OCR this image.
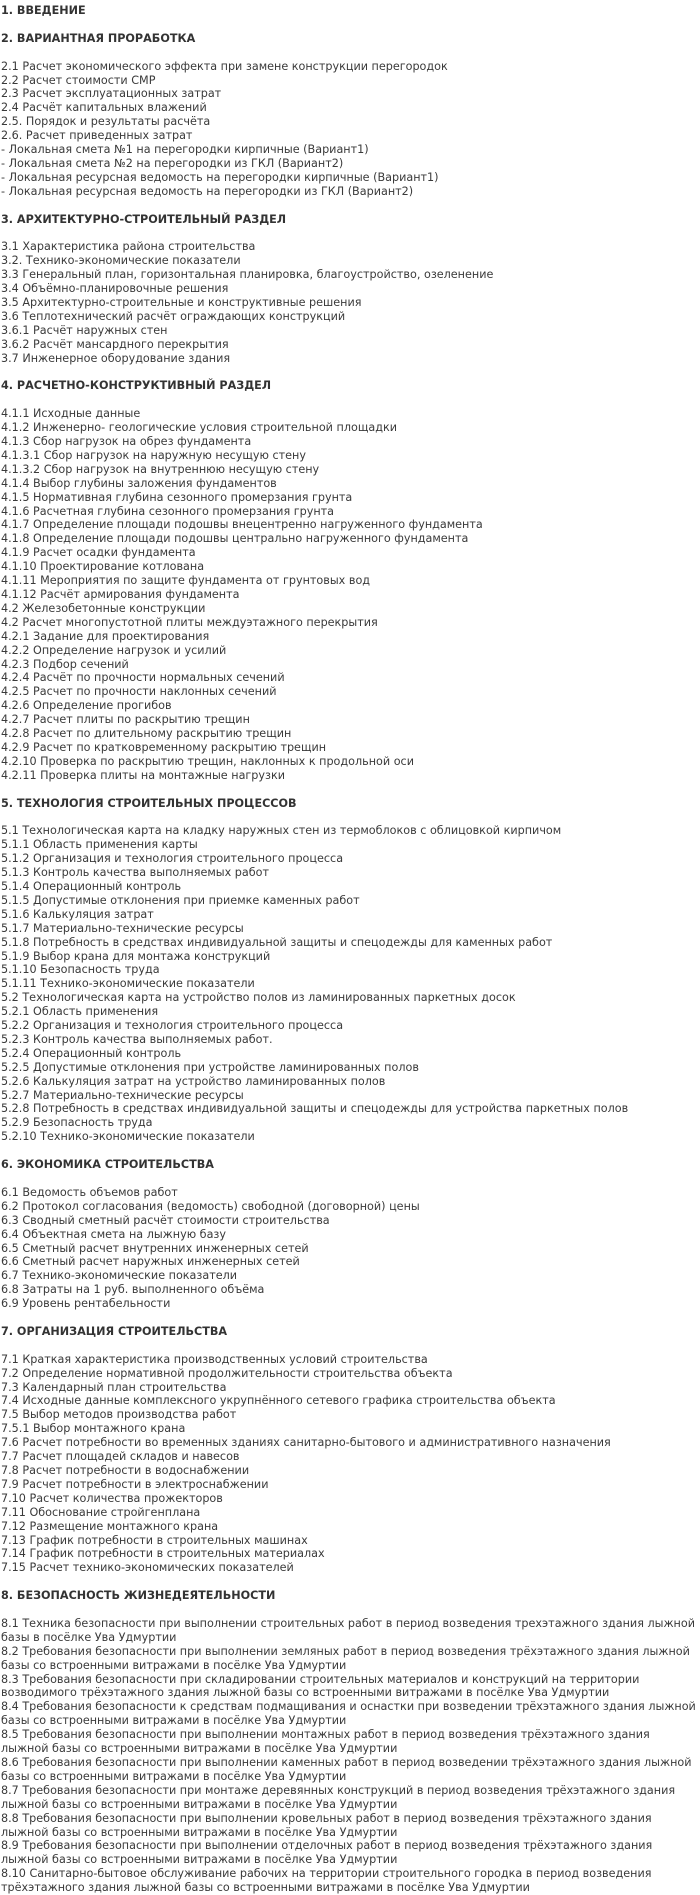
1. ВВЕДЕНИЕ
2. ВАРИАНТНАЯ ПРОРАБОТКА
2.1 Расчет экономического эффекта при замене конструкции перегородок
2.2 Расчет стоимости СМР
2.3 Расчет эксплуатационных затрат
2.4 Расчёт капитальных влажений
2.5. Порядок и результаты расчёта
2.6. Расчет приведенных затрат
- Локальная смета №1 на перегородки кирпичные (Вариант1)
- Локальная смета №2 на перегородки из ГКЛ (Вариант2)
- Локальная ресурсная ведомость на перегородки кирпичные (Вариант1)
- Локальная ресурсная ведомость на перегородки из ГКЛ (Вариант2)
3. АРХИТЕКТУРНО-СТРОИТЕЛЬНЫЙ РАЗДЕЛ
3.1 Характеристика района строительства
3.2. Технико-экономические показатели
3.3 Генеральный план, горизонтальная планировка, благоустройство, озеленение
3.4 Объёмно-планировочные решения
3.5 Архитектурно-строительные и конструктивные решения
3.6 Теплотехнический расчёт ограждающих конструкций
3.6.1 Расчёт наружных стен
3.6.2 Расчёт мансардного перекрытия
3.7 Инженерное оборудование здания
4. РАСЧЕТНО-КОНСТРУКТИВНЫЙ РАЗДЕЛ
4.1.1 Исходные данные
4.1.2 Инженерно- геологические условия строительной площадки
4.1.3 Сбор нагрузок на обрез фундамента
4.1.3.1 Сбор нагрузок на наружную несущую стену
4.1.3.2 Сбор нагрузок на внутреннюю несущую стену
4.1.4 Выбор глубины заложения фундаментов
4.1.5 Нормативная глубина сезонного промерзания грунта
4.1.6 Расчетная глубина сезонного промерзания грунта
4.1.7 Определение площади подошвы внецентренно нагруженного фундамента
4.1.8 Определение площади подошвы центрально нагруженного фундамента
4.1.9 Расчет осадки фундамента
4.1.10 Проектирование котлована
4.1.11 Мероприятия по защите фундамента от грунтовых вод
4.1.12 Расчёт армирования фундамента
4.2 Железобетонные конструкции
4.2 Расчет многопустотной плиты междуэтажного перекрытия
4.2.1 Задание для проектирования
4.2.2 Определение нагрузок и усилий
4.2.3 Подбор сечений
4.2.4 Расчёт по прочности нормальных сечений
4.2.5 Расчет по прочности наклонных сечений
4.2.6 Определение прогибов
4.2.7 Расчет плиты по раскрытию трещин
4.2.8 Расчет по длительному раскрытию трещин
4.2.9 Расчет по кратковременному раскрытию трещин
4.2.10 Проверка по раскрытию трещин, наклонных к продольной оси
4.2.11 Проверка плиты на монтажные нагрузки
5. ТЕХНОЛОГИЯ СТРОИТЕЛЬНЫХ ПРОЦЕССОВ
5.1 Технологическая карта на кладку наружных стен из термоблоков с облицовкой кирпичом
5.1.1 Область применения карты
5.1.2 Организация и технология строительного процесса
5.1.3 Контроль качества выполняемых работ
5.1.4 Операционный контроль
5.1.5 Допустимые отклонения при приемке каменных работ
5.1.6 Калькуляция затрат
5.1.7 Материально-технические ресурсы
5.1.8 Потребность в средствах индивидуальной защиты и спецодежды для каменных работ
5.1.9 Выбор крана для монтажа конструкций
5.1.10 Безопасность труда
5.1.11 Технико-экономические показатели
5.2 Технологическая карта на устройство полов из ламинированных паркетных досок
5.2.1 Область применения
5.2.2 Организация и технология строительного процесса
5.2.3 Контроль качества выполняемых работ.
5.2.4 Операционный контроль
5.2.5 Допустимые отклонения при устройстве ламинированных полов
5.2.6 Калькуляция затрат на устройство ламинированных полов
5.2.7 Материально-технические ресурсы
5.2.8 Потребность в средствах индивидуальной защиты и спецодежды для устройства паркетных полов
5.2.9 Безопасность труда
5.2.10 Технико-экономические показатели
6. ЭКОНОМИКА СТРОИТЕЛЬСТВА
6.1 Ведомость объемов работ
6.2 Протокол согласования (ведомость) свободной (договорной) цены
6.3 Сводный сметный расчёт стоимости строительства
6.4 Объектная смета на лыжную базу
6.5 Сметный расчет внутренних инженерных сетей
6.6 Сметный расчет наружных инженерных сетей
6.7 Технико-экономические показатели
6.8 Затраты на 1 руб. выполненного объёма
6.9 Уровень рентабельности
7. ОРГАНИЗАЦИЯ СТРОИТЕЛЬСТВА
7.1 Краткая характеристика производственных условий строительства
7.2 Определение нормативной продолжительности строительства объекта
7.3 Календарный план строительства
7.4 Исходные данные комплексного укрупнённого сетевого графика строительства объекта
7.5 Выбор методов производства работ
7.5.1 Выбор монтажного крана
7.6 Расчет потребности во временных зданиях санитарно-бытового и административного назначения
7.7 Расчет площадей складов и навесов
7.8 Расчет потребности в водоснабжении
7.9 Расчет потребности в электроснабжении
7.10 Расчет количества прожекторов
7.11 Обоснование стройгенплана
7.12 Размещение монтажного крана
7.13 График потребности в строительных машинах
7.14 График потребности в строительных материалах
7.15 Расчет технико-экономических показателей
8. БЕЗОПАСНОСТЬ ЖИЗНЕДЕЯТЕЛЬНОСТИ
8.1 Техника безопасности при выполнении строительных работ в период возведения трехэтажного здания лыжной базы в посёлке Ува Удмуртии
8.2 Требования безопасности при выполнении земляных работ в период возведения трёхэтажного здания лыжной базы со встроенными витражами в посёлке Ува Удмуртии
8.3 Требования безопасности при складировании строительных материалов и конструкций на территории возводимого трёхэтажного здания лыжной базы со встроенными витражами в посёлке Ува Удмуртии
8.4 Требования безопасности к средствам подмащивания и оснастки при возведении трёхэтажного здания лыжной базы со встроенными витражами в посёлке Ува Удмуртии
8.5 Требования безопасности при выполнении монтажных работ в период возведения трёхэтажного здания лыжной базы со встроенными витражами в посёлке Ува Удмуртии
8.6 Требования безопасности при выполнении каменных работ в период возведении трёхэтажного здания лыжной базы со встроенными витражами в посёлке Ува Удмуртии
8.7 Требования безопасности при монтаже деревянных конструкций в период возведения трёхэтажного здания лыжной базы со встроенными витражами в посёлке Ува Удмуртии
8.8 Требования безопасности при выполнении кровельных работ в период возведения трёхэтажного здания лыжной базы со встроенными витражами в посёлке Ува Удмуртии
8.9 Требования безопасности при выполнении отделочных работ в период возведения трёхэтажного здания лыжной базы со встроенными витражами в посёлке Ува Удмуртии
8.10 Санитарно-бытовое обслуживание рабочих на территории строительного городка в период возведения трёхэтажного здания лыжной базы со встроенными витражами в посёлке Ува Удмуртии
